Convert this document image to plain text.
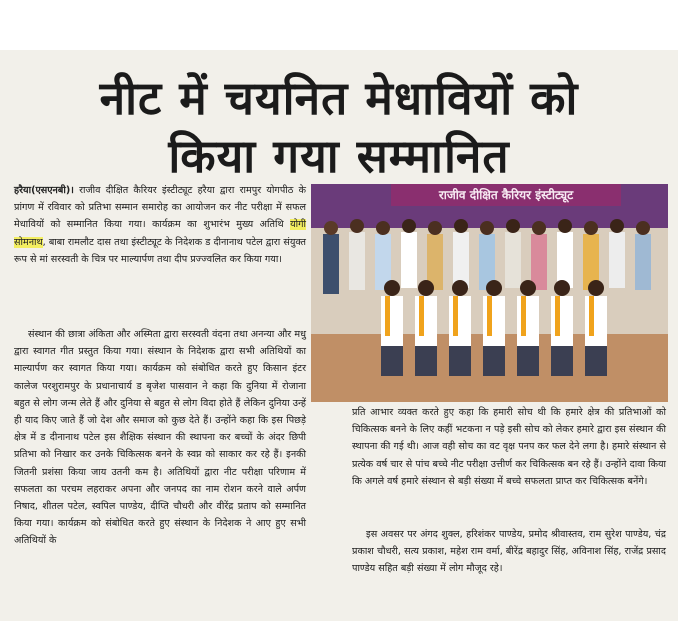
नीट में चयनित मेधावियों को
किया गया सम्मानित

हरैया(एसएनबी)। राजीव दीक्षित कैरियर इंस्टीट्यूट हरैया द्वारा रामपुर योगपीठ के प्रांगण में रविवार को प्रतिभा सम्मान समारोह का आयोजन कर नीट परीक्षा में सफल मेधावियों को सम्मानित किया गया। कार्यक्रम का शुभारंभ मुख्य अतिथि योगी सोमनाथ, बाबा रामलौट दास तथा इंस्टीट्यूट के निदेशक ड दीनानाथ पटेल द्वारा संयुक्त रूप से मां सरस्वती के चित्र पर माल्यार्पण तथा दीप प्रज्ज्वलित कर किया गया।

संस्थान की छात्रा अंकिता और अस्मिता द्वारा सरस्वती वंदना तथा अनन्या और मधु द्वारा स्वागत गीत प्रस्तुत किया गया। संस्थान के निदेशक द्वारा सभी अतिथियों का माल्यार्पण कर स्वागत किया गया। कार्यक्रम को संबोधित करते हुए किसान इंटर कालेज परशुरामपुर के प्रधानाचार्य ड बृजेश पासवान ने कहा कि दुनिया में रोजाना बहुत से लोग जन्म लेते हैं और दुनिया से बहुत से लोग विदा होते हैं लेकिन दुनिया उन्हें ही याद किए जाते हैं जो देश और समाज को कुछ देते हैं। उन्होंने कहा कि इस पिछड़े क्षेत्र में ड दीनानाथ पटेल इस शैक्षिक संस्थान की स्थापना कर बच्चों के अंदर छिपी प्रतिभा को निखार कर उनके चिकित्सक बनने के स्वप्न को साकार कर रहे हैं। इनकी जितनी प्रशंसा किया जाय उतनी कम है। अतिथियों द्वारा नीट परीक्षा परिणाम में सफलता का परचम लहराकर अपना और जनपद का नाम रोशन करने वाले अर्पण निषाद, शीतल पटेल, स्वपिल पाण्डेय, दीप्ति चौधरी और वीरेंद्र प्रताप को सम्मानित किया गया। कार्यक्रम को संबोधित करते हुए संस्थान के निदेशक ने आए हुए सभी अतिथियों के

राजीव दीक्षित कैरियर इंस्टीट्यूट

प्रति आभार व्यक्त करते हुए कहा कि हमारी सोच थी कि हमारे क्षेत्र की प्रतिभाओं को चिकित्सक बनने के लिए कहीं भटकना न पड़े इसी सोच को लेकर हमारे द्वारा इस संस्थान की स्थापना की गई थी। आज वही सोच का वट वृक्ष पनप कर फल देने लगा है। हमारे संस्थान से प्रत्येक वर्ष चार से पांच बच्चे नीट परीक्षा उत्तीर्ण कर चिकित्सक बन रहे हैं। उन्होंने दावा किया कि अगले वर्ष हमारे संस्थान से बड़ी संख्या में बच्चे सफलता प्राप्त कर चिकित्सक बनेंगे।

इस अवसर पर अंगद शुक्ल, हरिशंकर पाण्डेय, प्रमोद श्रीवास्तव, राम सुरेश पाण्डेय, चंद्र प्रकाश चौधरी, सत्य प्रकाश, महेश राम वर्मा, बीरेंद्र बहादुर सिंह, अविनाश सिंह, राजेंद्र प्रसाद पाण्डेय सहित बड़ी संख्या में लोग मौजूद रहे।
